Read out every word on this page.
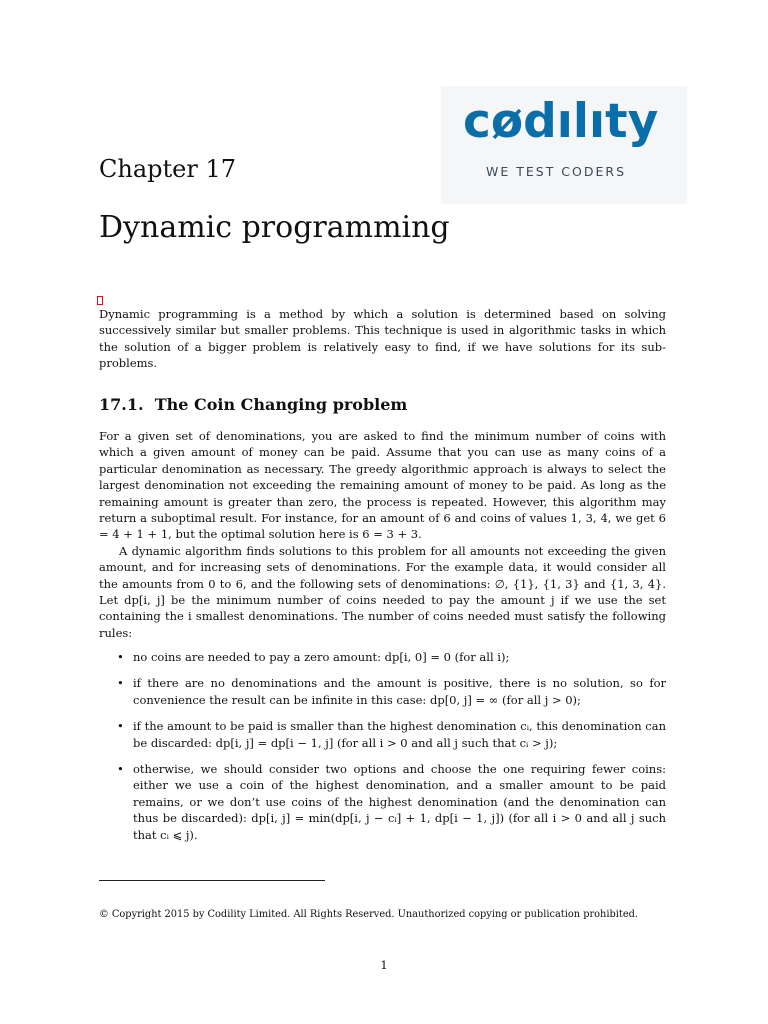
cødılıty
WE TEST CODERS
Chapter 17
Dynamic programming

Dynamic programming is a method by which a solution is determined based on solving successively similar but smaller problems. This technique is used in algorithmic tasks in which the solution of a bigger problem is relatively easy to find, if we have solutions for its sub-problems.

17.1. The Coin Changing problem

For a given set of denominations, you are asked to find the minimum number of coins with which a given amount of money can be paid. Assume that you can use as many coins of a particular denomination as necessary. The greedy algorithmic approach is always to select the largest denomination not exceeding the remaining amount of money to be paid. As long as the remaining amount is greater than zero, the process is repeated. However, this algorithm may return a suboptimal result. For instance, for an amount of 6 and coins of values 1, 3, 4, we get 6 = 4 + 1 + 1, but the optimal solution here is 6 = 3 + 3.

A dynamic algorithm finds solutions to this problem for all amounts not exceeding the given amount, and for increasing sets of denominations. For the example data, it would consider all the amounts from 0 to 6, and the following sets of denominations: ∅, {1}, {1, 3} and {1, 3, 4}. Let dp[i, j] be the minimum number of coins needed to pay the amount j if we use the set containing the i smallest denominations. The number of coins needed must satisfy the following rules:

• no coins are needed to pay a zero amount: dp[i, 0] = 0 (for all i);
• if there are no denominations and the amount is positive, there is no solution, so for convenience the result can be infinite in this case: dp[0, j] = ∞ (for all j > 0);
• if the amount to be paid is smaller than the highest denomination cᵢ, this denomination can be discarded: dp[i, j] = dp[i − 1, j] (for all i > 0 and all j such that cᵢ > j);
• otherwise, we should consider two options and choose the one requiring fewer coins: either we use a coin of the highest denomination, and a smaller amount to be paid remains, or we don’t use coins of the highest denomination (and the denomination can thus be discarded): dp[i, j] = min(dp[i, j − cᵢ] + 1, dp[i − 1, j]) (for all i > 0 and all j such that cᵢ ⩽ j).
© Copyright 2015 by Codility Limited. All Rights Reserved. Unauthorized copying or publication prohibited.
1
